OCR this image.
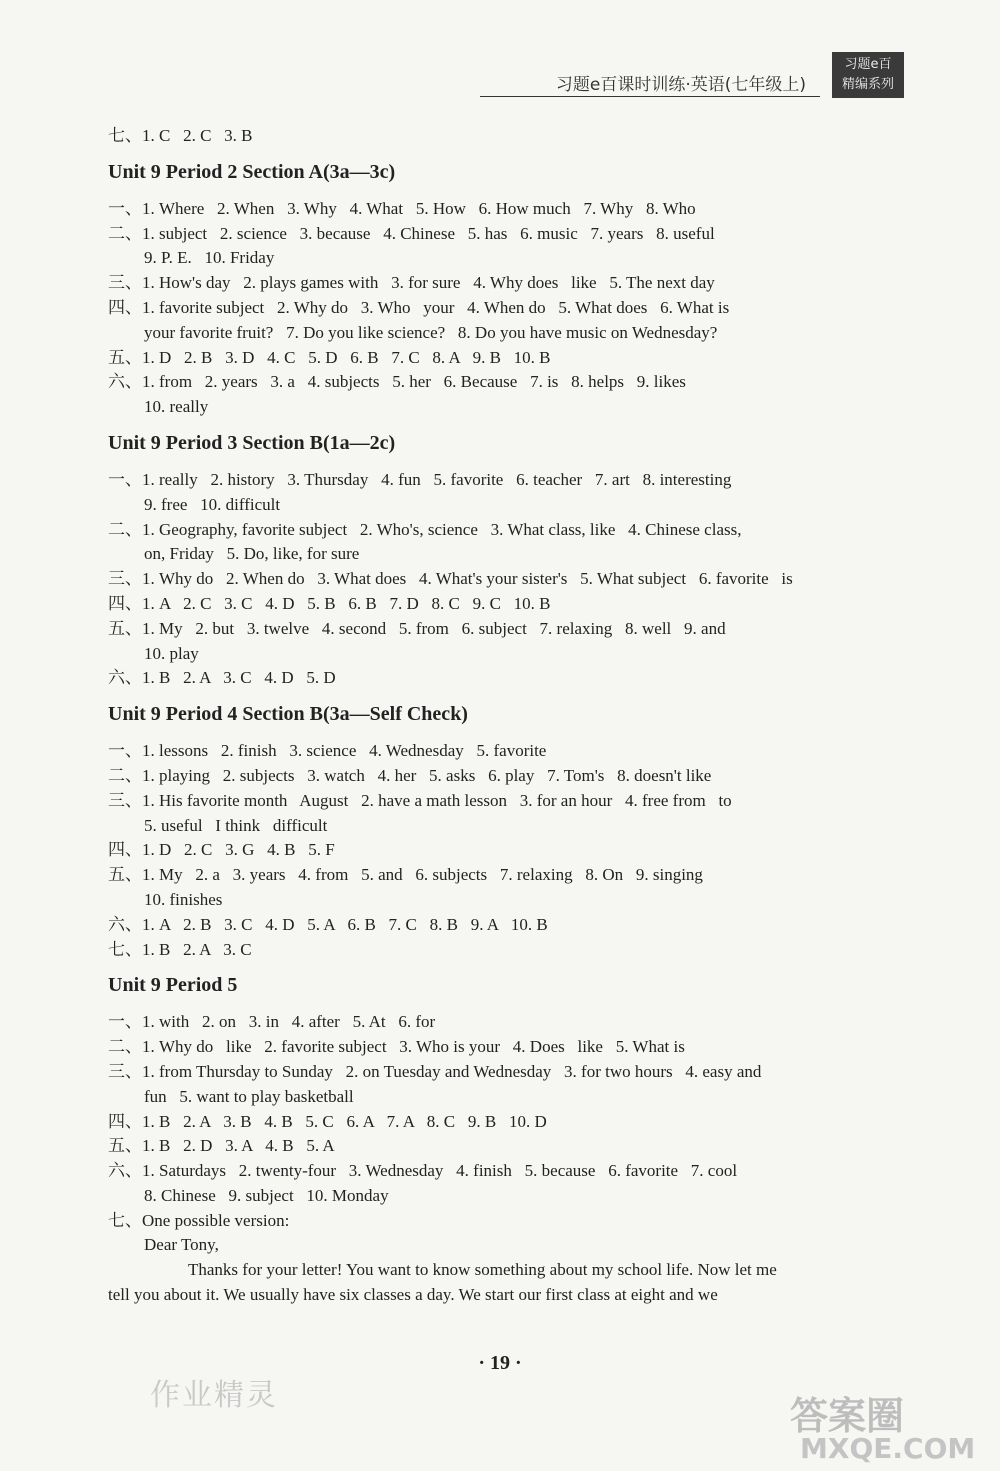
习题e百课时训练·英语(七年级上)
习题e百
精编系列
七、1. C   2. C   3. B
Unit 9 Period 2 Section A(3a—3c)
一、1. Where   2. When   3. Why   4. What   5. How   6. How much   7. Why   8. Who
二、1. subject   2. science   3. because   4. Chinese   5. has   6. music   7. years   8. useful
9. P. E.   10. Friday
三、1. How's day   2. plays games with   3. for sure   4. Why does   like   5. The next day
四、1. favorite subject   2. Why do   3. Who   your   4. When do   5. What does   6. What is
your favorite fruit?   7. Do you like science?   8. Do you have music on Wednesday?
五、1. D   2. B   3. D   4. C   5. D   6. B   7. C   8. A   9. B   10. B
六、1. from   2. years   3. a   4. subjects   5. her   6. Because   7. is   8. helps   9. likes
10. really
Unit 9 Period 3 Section B(1a—2c)
一、1. really   2. history   3. Thursday   4. fun   5. favorite   6. teacher   7. art   8. interesting
9. free   10. difficult
二、1. Geography, favorite subject   2. Who's, science   3. What class, like   4. Chinese class,
on, Friday   5. Do, like, for sure
三、1. Why do   2. When do   3. What does   4. What's your sister's   5. What subject   6. favorite   is
四、1. A   2. C   3. C   4. D   5. B   6. B   7. D   8. C   9. C   10. B
五、1. My   2. but   3. twelve   4. second   5. from   6. subject   7. relaxing   8. well   9. and
10. play
六、1. B   2. A   3. C   4. D   5. D
Unit 9 Period 4 Section B(3a—Self Check)
一、1. lessons   2. finish   3. science   4. Wednesday   5. favorite
二、1. playing   2. subjects   3. watch   4. her   5. asks   6. play   7. Tom's   8. doesn't like
三、1. His favorite month   August   2. have a math lesson   3. for an hour   4. free from   to
5. useful   I think   difficult
四、1. D   2. C   3. G   4. B   5. F
五、1. My   2. a   3. years   4. from   5. and   6. subjects   7. relaxing   8. On   9. singing
10. finishes
六、1. A   2. B   3. C   4. D   5. A   6. B   7. C   8. B   9. A   10. B
七、1. B   2. A   3. C
Unit 9 Period 5
一、1. with   2. on   3. in   4. after   5. At   6. for
二、1. Why do   like   2. favorite subject   3. Who is your   4. Does   like   5. What is
三、1. from Thursday to Sunday   2. on Tuesday and Wednesday   3. for two hours   4. easy and
fun   5. want to play basketball
四、1. B   2. A   3. B   4. B   5. C   6. A   7. A   8. C   9. B   10. D
五、1. B   2. D   3. A   4. B   5. A
六、1. Saturdays   2. twenty-four   3. Wednesday   4. finish   5. because   6. favorite   7. cool
8. Chinese   9. subject   10. Monday
七、One possible version:
Dear Tony,
Thanks for your letter! You want to know something about my school life. Now let me
tell you about it. We usually have six classes a day. We start our first class at eight and we
· 19 ·
作业精灵	答案圈
MXQE.COM
